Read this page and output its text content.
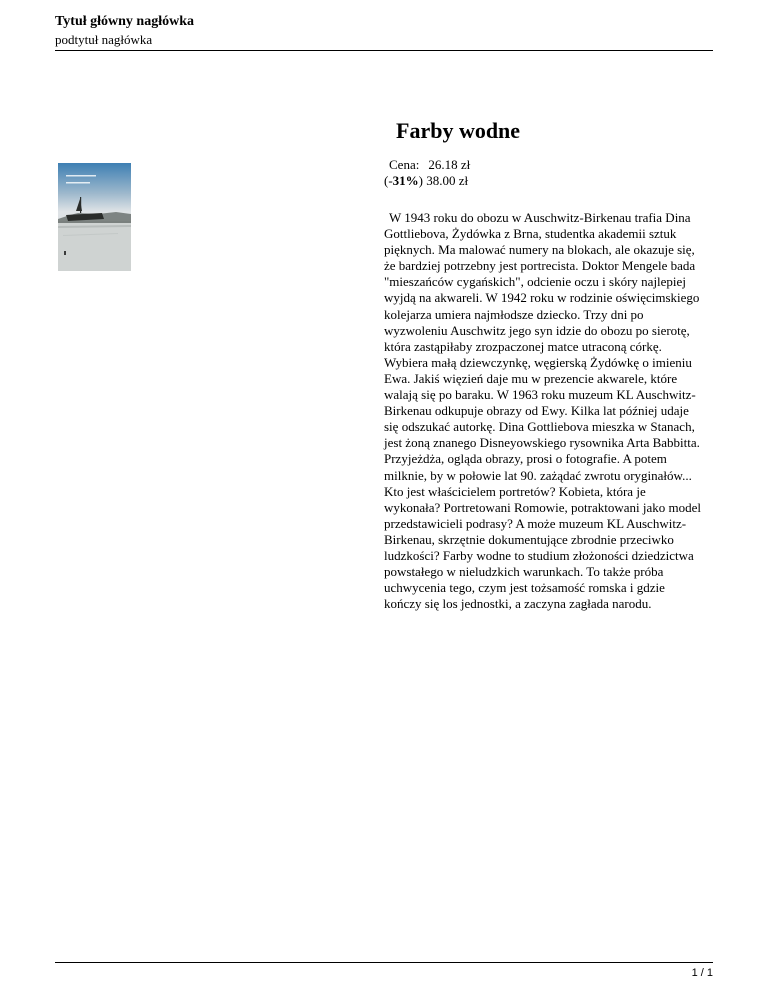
Tytuł główny nagłówka
podtytuł nagłówka
Farby wodne
Cena: 26.18 zł
(-31%) 38.00 zł

W 1943 roku do obozu w Auschwitz-Birkenau trafia Dina Gottliebova, Żydówka z Brna, studentka akademii sztuk pięknych. Ma malować numery na blokach, ale okazuje się, że bardziej potrzebny jest portrecista. Doktor Mengele bada "mieszańców cygańskich", odcienie oczu i skóry najlepiej wyjdą na akwareli. W 1942 roku w rodzinie oświęcimskiego kolejarza umiera najmłodsze dziecko. Trzy dni po wyzwoleniu Auschwitz jego syn idzie do obozu po sierotę, która zastąpiłaby zrozpaczonej matce utraconą córkę. Wybiera małą dziewczynkę, węgierską Żydówkę o imieniu Ewa. Jakiś więzień daje mu w prezencie akwarele, które walają się po baraku. W 1963 roku muzeum KL Auschwitz-Birkenau odkupuje obrazy od Ewy. Kilka lat później udaje się odszukać autorkę. Dina Gottliebova mieszka w Stanach, jest żoną znanego Disneyowskiego rysownika Arta Babbitta. Przyjeżdża, ogląda obrazy, prosi o fotografie. A potem milknie, by w połowie lat 90. zażądać zwrotu oryginałów... Kto jest właścicielem portretów? Kobieta, która je wykonała? Portretowani Romowie, potraktowani jako model przedstawicieli podrasy? A może muzeum KL Auschwitz-Birkenau, skrzętnie dokumentujące zbrodnie przeciwko ludzkości? Farby wodne to studium złożoności dziedzictwa powstałego w nieludzkich warunkach. To także próba uchwycenia tego, czym jest tożsamość romska i gdzie kończy się los jednostki, a zaczyna zagłada narodu.

1 / 1
